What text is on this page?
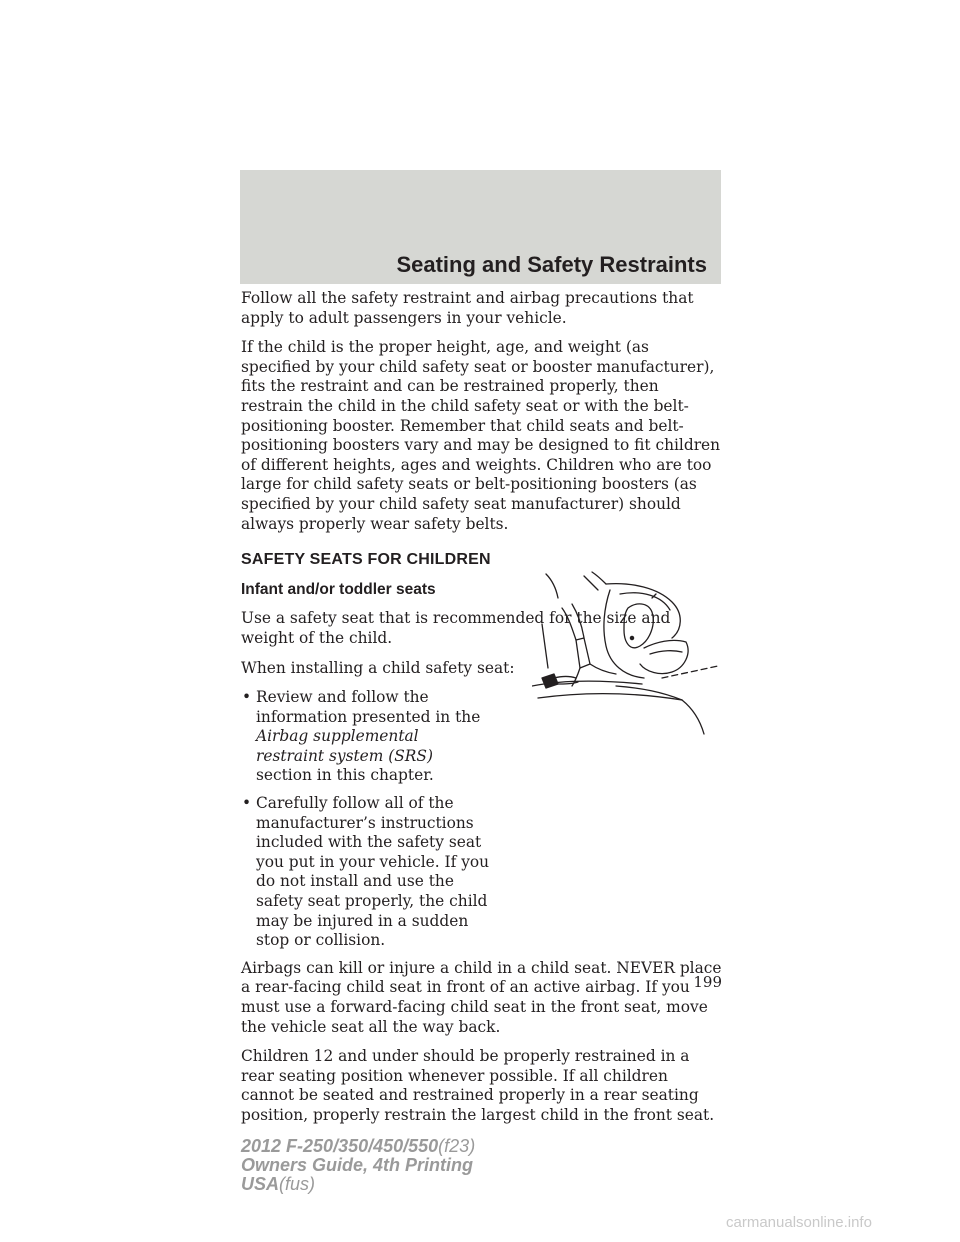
Seating and Safety Restraints

Follow all the safety restraint and airbag precautions that apply to adult passengers in your vehicle.

If the child is the proper height, age, and weight (as specified by your child safety seat or booster manufacturer), fits the restraint and can be restrained properly, then restrain the child in the child safety seat or with the belt-positioning booster. Remember that child seats and belt-positioning boosters vary and may be designed to fit children of different heights, ages and weights. Children who are too large for child safety seats or belt-positioning boosters (as specified by your child safety seat manufacturer) should always properly wear safety belts.

SAFETY SEATS FOR CHILDREN
Infant and/or toddler seats

Use a safety seat that is recommended for the size and weight of the child.

When installing a child safety seat:

• Review and follow the information presented in the Airbag supplemental restraint system (SRS) section in this chapter.
• Carefully follow all of the manufacturer’s instructions included with the safety seat you put in your vehicle. If you do not install and use the safety seat properly, the child may be injured in a sudden stop or collision.

Airbags can kill or injure a child in a child seat. NEVER place a rear-facing child seat in front of an active airbag. If you must use a forward-facing child seat in the front seat, move the vehicle seat all the way back.

Children 12 and under should be properly restrained in a rear seating position whenever possible. If all children cannot be seated and restrained properly in a rear seating position, properly restrain the largest child in the front seat.

199
2012 F-250/350/450/550(f23)
Owners Guide, 4th Printing
USA(fus)
carmanualsonline.info
